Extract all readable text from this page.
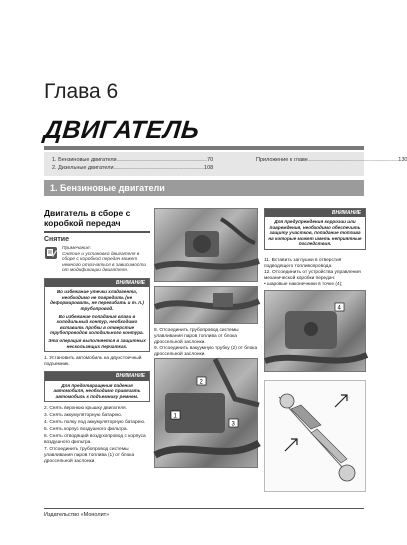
Глава 6
ДВИГАТЕЛЬ
1. Бензиновые двигатели ........................................................................................ 70
2. Дизельные двигатели ........................................................................................ 108
Приложение к главе ........................................................................................ 130
1. Бензиновые двигатели
Двигатель в сборе с коробкой передач
Снятие
Примечание:
Снятие и установка двигателя в сборе с коробкой передач может немного отличаться в зависимости от модификации двигателя.
ВНИМАНИЕ

Во избежание утечки хладагента, необходимо не повредить (не деформировать, не перегибать и т. п.) трубопровод.

Во избежание попадания влаги в холодильный контур, необходимо вставить пробки в отверстие трубопроводов холодильного контура.

Эта операция выполняется в защитных нескользящих перчатках.

1. Установить автомобиль на двухстоечный подъемник.
ВНИМАНИЕ

Для предотвращения падения автомобиля, необходимо привязать автомобиль к подъемнику ремнем.

2. Снять верхнюю крышку двигателя.
3. Снять аккумуляторную батарею.
4. Снять полку под аккумуляторную батарею.
5. Снять корпус воздушного фильтра.
6. Снять отводящий воздухопровод с корпуса воздушного фильтра.
7. Отсоединить трубопровод системы улавливания паров топлива (1) от блока дроссельной заслонки.
8. Отсоединить трубопровод системы улавливания паров топлива от блока дроссельной заслонки.
9. Отсоединить вакуумную трубку (2) от блока дроссельной заслонки.
1
2
3
ВНИМАНИЕ

Для предупреждения коррозии или повреждения, необходимо обеспечить защиту участков, попадание топлива на которые может иметь неприятные последствия.

11. Вставить заглушки в отверстия подводящего топливопровода.
12. Отсоединить от устройства управления механической коробки передач:
• шаровые наконечники в точке (4);
4
Издательство «Монолит»
